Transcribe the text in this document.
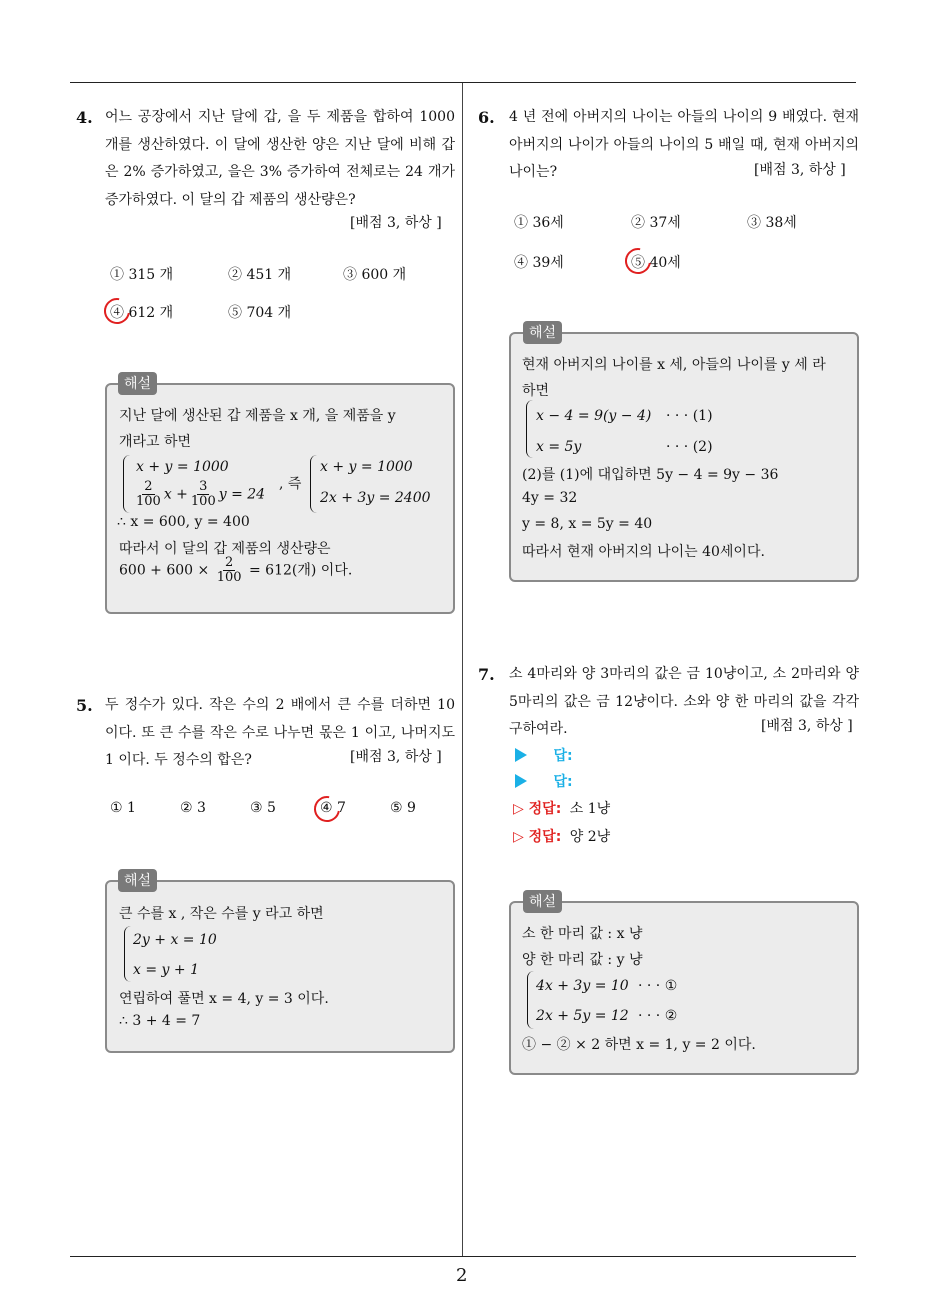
2
4. 어느 공장에서 지난 달에 갑, 을 두 제품을 합하여 1000 개를 생산하였다. 이 달에 생산한 양은 지난 달에 비해 갑은 2% 증가하였고, 을은 3% 증가하여 전체로는 24 개가 증가하였다. 이 달의 갑 제품의 생산량은?
[배점 3, 하상 ]
① 315 개	② 451 개	③ 600 개
④ 612 개	⑤ 704 개
해설
지난 달에 생산된 갑 제품을 x 개, 을 제품을 y
개라고 하면
x + y = 1000
$\frac{2}{100}$ $x + \frac{3}{100}$ y = 24
, 즉
x + y = 1000
2x + 3y = 2400
∴ x = 600, y = 400
따라서 이 달의 갑 제품의 생산량은
$600 + 600 \times \frac{2}{100} = 612$(개) 이다.
5. 두 정수가 있다. 작은 수의 2 배에서 큰 수를 더하면 10 이다. 또 큰 수를 작은 수로 나누면 몫은 1 이고, 나머지도 1 이다. 두 정수의 합은?	[배점 3, 하상 ]
① 1	② 3	③ 5	④ 7	⑤ 9
해설
큰 수를 x , 작은 수를 y 라고 하면
2y + x = 10
x = y + 1
연립하여 풀면 x = 4, y = 3 이다.
∴ 3 + 4 = 7
6. 4 년 전에 아버지의 나이는 아들의 나이의 9 배였다. 현재 아버지의 나이가 아들의 나이의 5 배일 때, 현재 아버지의 나이는?	[배점 3, 하상 ]
① 36세	② 37세	③ 38세
④ 39세	⑤ 40세
해설
현재 아버지의 나이를 x 세, 아들의 나이를 y 세 라
하면
x − 4 = 9(y − 4) · · · (1)
x = 5y	· · · (2)
(2)를 (1)에 대입하면 5y − 4 = 9y − 36
4y = 32
y = 8, x = 5y = 40
따라서 현재 아버지의 나이는 40세이다.
7. 소 4마리와 양 3마리의 값은 금 10냥이고, 소 2마리와 양 5마리의 값은 금 12냥이다. 소와 양 한 마리의 값을 각각 구하여라.	[배점 3, 하상 ]
답:
답:
▷ 정답: 소 1냥
▷ 정답: 양 2냥
해설
소 한 마리 값 : x 냥
양 한 마리 값 : y 냥
4x + 3y = 10 · · · ①
2x + 5y = 12 · · · ②
① − ② × 2 하면 x = 1, y = 2 이다.
